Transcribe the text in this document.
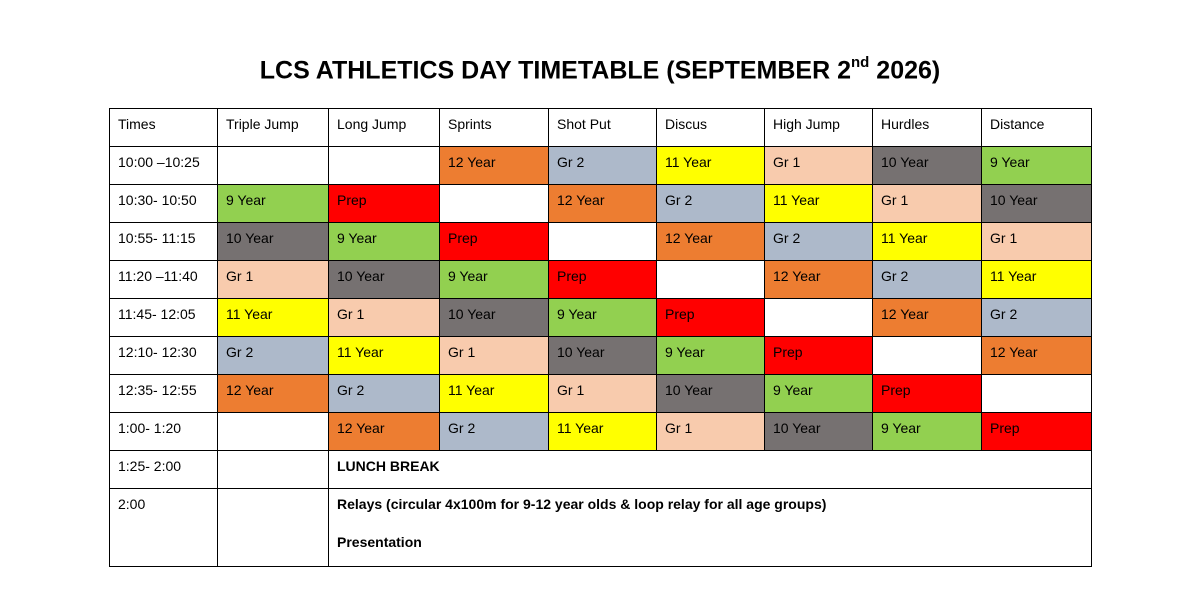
LCS ATHLETICS DAY TIMETABLE (SEPTEMBER 2nd 2026)
Times	Triple Jump	Long Jump	Sprints	Shot Put	Discus	High Jump	Hurdles	Distance
10:00 –10:25			12 Year	Gr 2	11 Year	Gr 1	10 Year	9 Year
10:30- 10:50	9 Year	Prep		12 Year	Gr 2	11 Year	Gr 1	10 Year
10:55- 11:15	10 Year	9 Year	Prep		12 Year	Gr 2	11 Year	Gr 1
11:20 –11:40	Gr 1	10 Year	9 Year	Prep		12 Year	Gr 2	11 Year
11:45- 12:05	11 Year	Gr 1	10 Year	9 Year	Prep		12 Year	Gr 2
12:10- 12:30	Gr 2	11 Year	Gr 1	10 Year	9 Year	Prep		12 Year
12:35- 12:55	12 Year	Gr 2	11 Year	Gr 1	10 Year	9 Year	Prep	
1:00- 1:20		12 Year	Gr 2	11 Year	Gr 1	10 Year	9 Year	Prep
1:25- 2:00		LUNCH BREAK						
2:00		Relays (circular 4x100m for 9-12 year olds & loop relay for all age groups)
Presentation						
